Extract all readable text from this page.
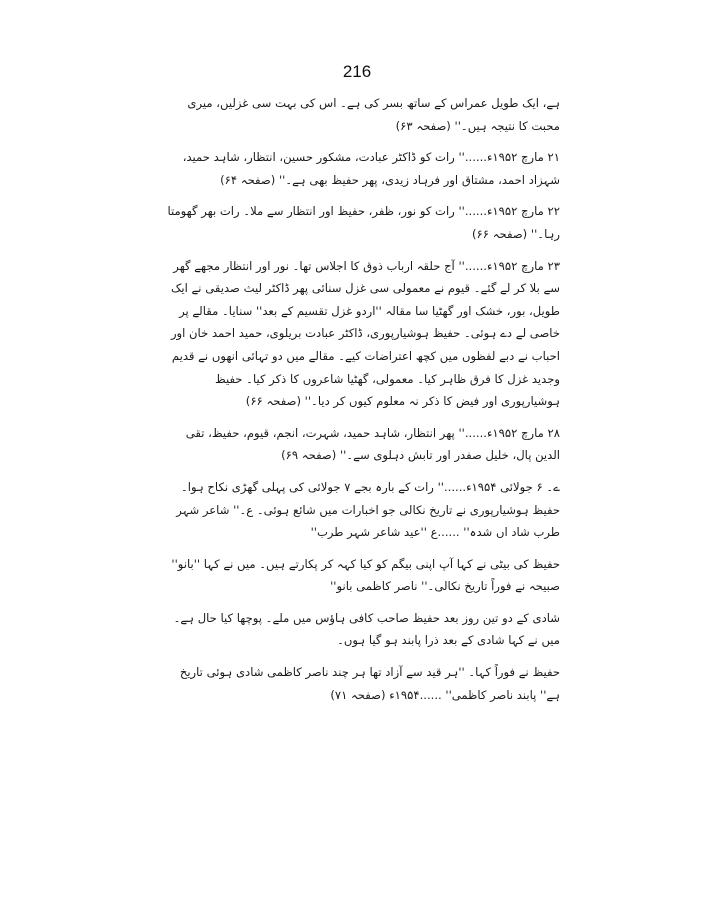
216

ہے، ایک طویل عمراس کے ساتھ بسر کی ہے۔ اس کی بہت سی غزلیں، میری محبت کا نتیجہ ہیں۔'' (صفحہ ۶۳)

۲۱ مارچ ۱۹۵۲ء......'' رات کو ڈاکٹر عبادت، مشکور حسین، انتظار، شاہد حمید، شہزاد احمد، مشتاق اور فرہاد زیدی، پھر حفیظ بھی ہے۔'' (صفحہ ۶۴)

۲۲ مارچ ۱۹۵۲ء......'' رات کو نور، ظفر، حفیظ اور انتظار سے ملا۔ رات بھر گھومتا رہا۔'' (صفحہ ۶۶)

۲۳ مارچ ۱۹۵۲ء......'' آج حلقہ ارباب ذوق کا اجلاس تھا۔ نور اور انتظار مجھے گھر سے بلا کر لے گئے۔ قیوم نے معمولی سی غزل سنائی پھر ڈاکٹر لیث صدیقی نے ایک طویل، بور، خشک اور گھٹیا سا مقالہ ''اردو غزل تقسیم کے بعد'' سنایا۔ مقالے پر خاصی لے دے ہوئی۔ حفیظ ہوشیارپوری، ڈاکٹر عبادت بریلوی، حمید احمد خان اور احباب نے دبے لفظوں میں کچھ اعتراضات کیے۔ مقالے میں دو تہائی انھوں نے قدیم وجدید غزل کا فرق ظاہر کیا۔ معمولی، گھٹیا شاعروں کا ذکر کیا۔ حفیظ ہوشیارپوری اور فیض کا ذکر نہ معلوم کیوں کر دیا۔'' (صفحہ ۶۶)

۲۸ مارچ ۱۹۵۲ء......'' پھر انتظار، شاہد حمید، شہرت، انجم، قیوم، حفیظ، تقی الدین پال، خلیل صفدر اور تابش دہلوی سے۔'' (صفحہ ۶۹)

ے۔ ۶ جولائی ۱۹۵۴ء......'' رات کے بارہ بجے ۷ جولائی کی پہلی گھڑی نکاح ہوا۔ حفیظ ہوشیارپوری نے تاریخ نکالی جو اخبارات میں شائع ہوئی۔ ع۔'' شاعر شہر طرب شاد اں شدہ'' ......ع ''عید شاعر شہر طرب''

حفیظ کی بیٹی نے کہا آپ اپنی بیگم کو کیا کہہ کر پکارتے ہیں۔ میں نے کہا ''بانو'' صبیحہ نے فوراً تاریخ نکالی۔'' ناصر کاظمی بانو''

شادی کے دو تین روز بعد حفیظ صاحب کافی ہاؤس میں ملے۔ پوچھا کیا حال ہے۔ میں نے کہا شادی کے بعد ذرا پابند ہو گیا ہوں۔

حفیظ نے فوراً کہا۔ ''ہر قید سے آزاد تھا ہر چند ناصر کاظمی شادی ہوئی تاریخ ہے'' پابند ناصر کاظمی'' ......۱۹۵۴ء (صفحہ ۷۱)
